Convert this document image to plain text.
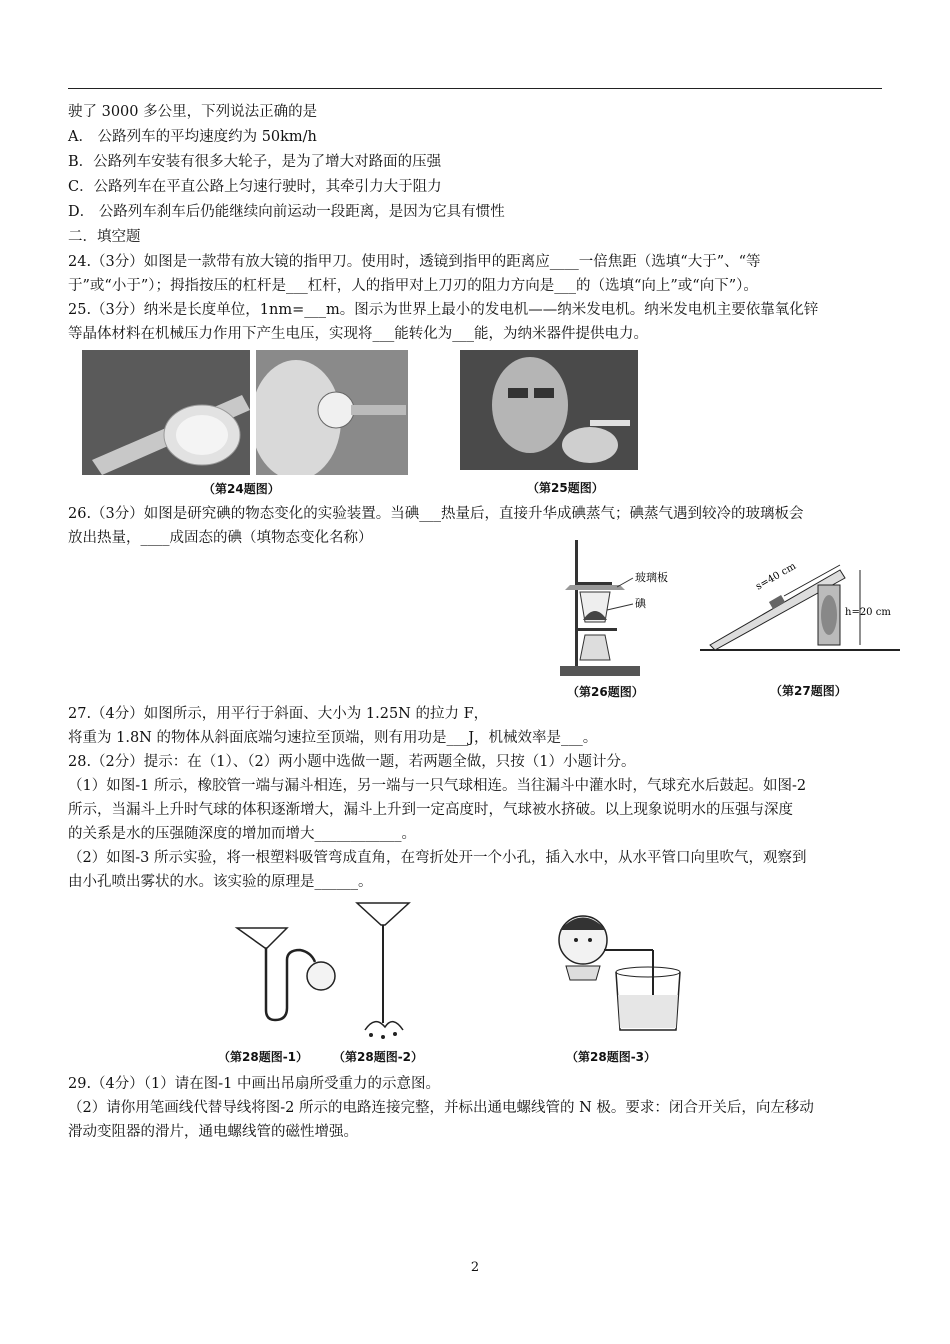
驶了 3000 多公里，下列说法正确的是
A． 公路列车的平均速度约为 50km/h
B．公路列车安装有很多大轮子，是为了增大对路面的压强
C．公路列车在平直公路上匀速行驶时，其牵引力大于阻力
D． 公路列车刹车后仍能继续向前运动一段距离，是因为它具有惯性
二．填空题
24.（3分）如图是一款带有放大镜的指甲刀。使用时，透镜到指甲的距离应____一倍焦距（选填“大于”、“等
于”或“小于”）；拇指按压的杠杆是___杠杆，人的指甲对上刀刃的阻力方向是___的（选填“向上”或“向下”）。
25.（3分）纳米是长度单位，1nm=___m。图示为世界上最小的发电机——纳米发电机。纳米发电机主要依靠氧化锌
等晶体材料在机械压力作用下产生电压，实现将___能转化为___能，为纳米器件提供电力。
（第24题图）	（第25题图）
26.（3分）如图是研究碘的物态变化的实验装置。当碘___热量后，直接升华成碘蒸气；碘蒸气遇到较冷的玻璃板会
放出热量，____成固态的碘（填物态变化名称）
玻璃板
碘
（第26题图）
s=40 cm
h=20 cm
（第27题图）
27.（4分）如图所示，用平行于斜面、大小为 1.25N 的拉力 F，
将重为 1.8N 的物体从斜面底端匀速拉至顶端，则有用功是___J，机械效率是___。
28.（2分）提示：在（1）、（2）两小题中选做一题，若两题全做，只按（1）小题计分。
（1）如图-1 所示，橡胶管一端与漏斗相连，另一端与一只气球相连。当往漏斗中灌水时，气球充水后鼓起。如图-2
所示，当漏斗上升时气球的体积逐渐增大，漏斗上升到一定高度时，气球被水挤破。以上现象说明水的压强与深度
的关系是水的压强随深度的增加而增大____________。
（2）如图-3 所示实验，将一根塑料吸管弯成直角，在弯折处开一个小孔，插入水中，从水平管口向里吹气，观察到
由小孔喷出雾状的水。该实验的原理是______。
（第28题图-1） （第28题图-2）	（第28题图-3）
29.（4分）（1）请在图-1 中画出吊扇所受重力的示意图。
（2）请你用笔画线代替导线将图-2 所示的电路连接完整，并标出通电螺线管的 N 极。要求：闭合开关后，向左移动
滑动变阻器的滑片，通电螺线管的磁性增强。
2
